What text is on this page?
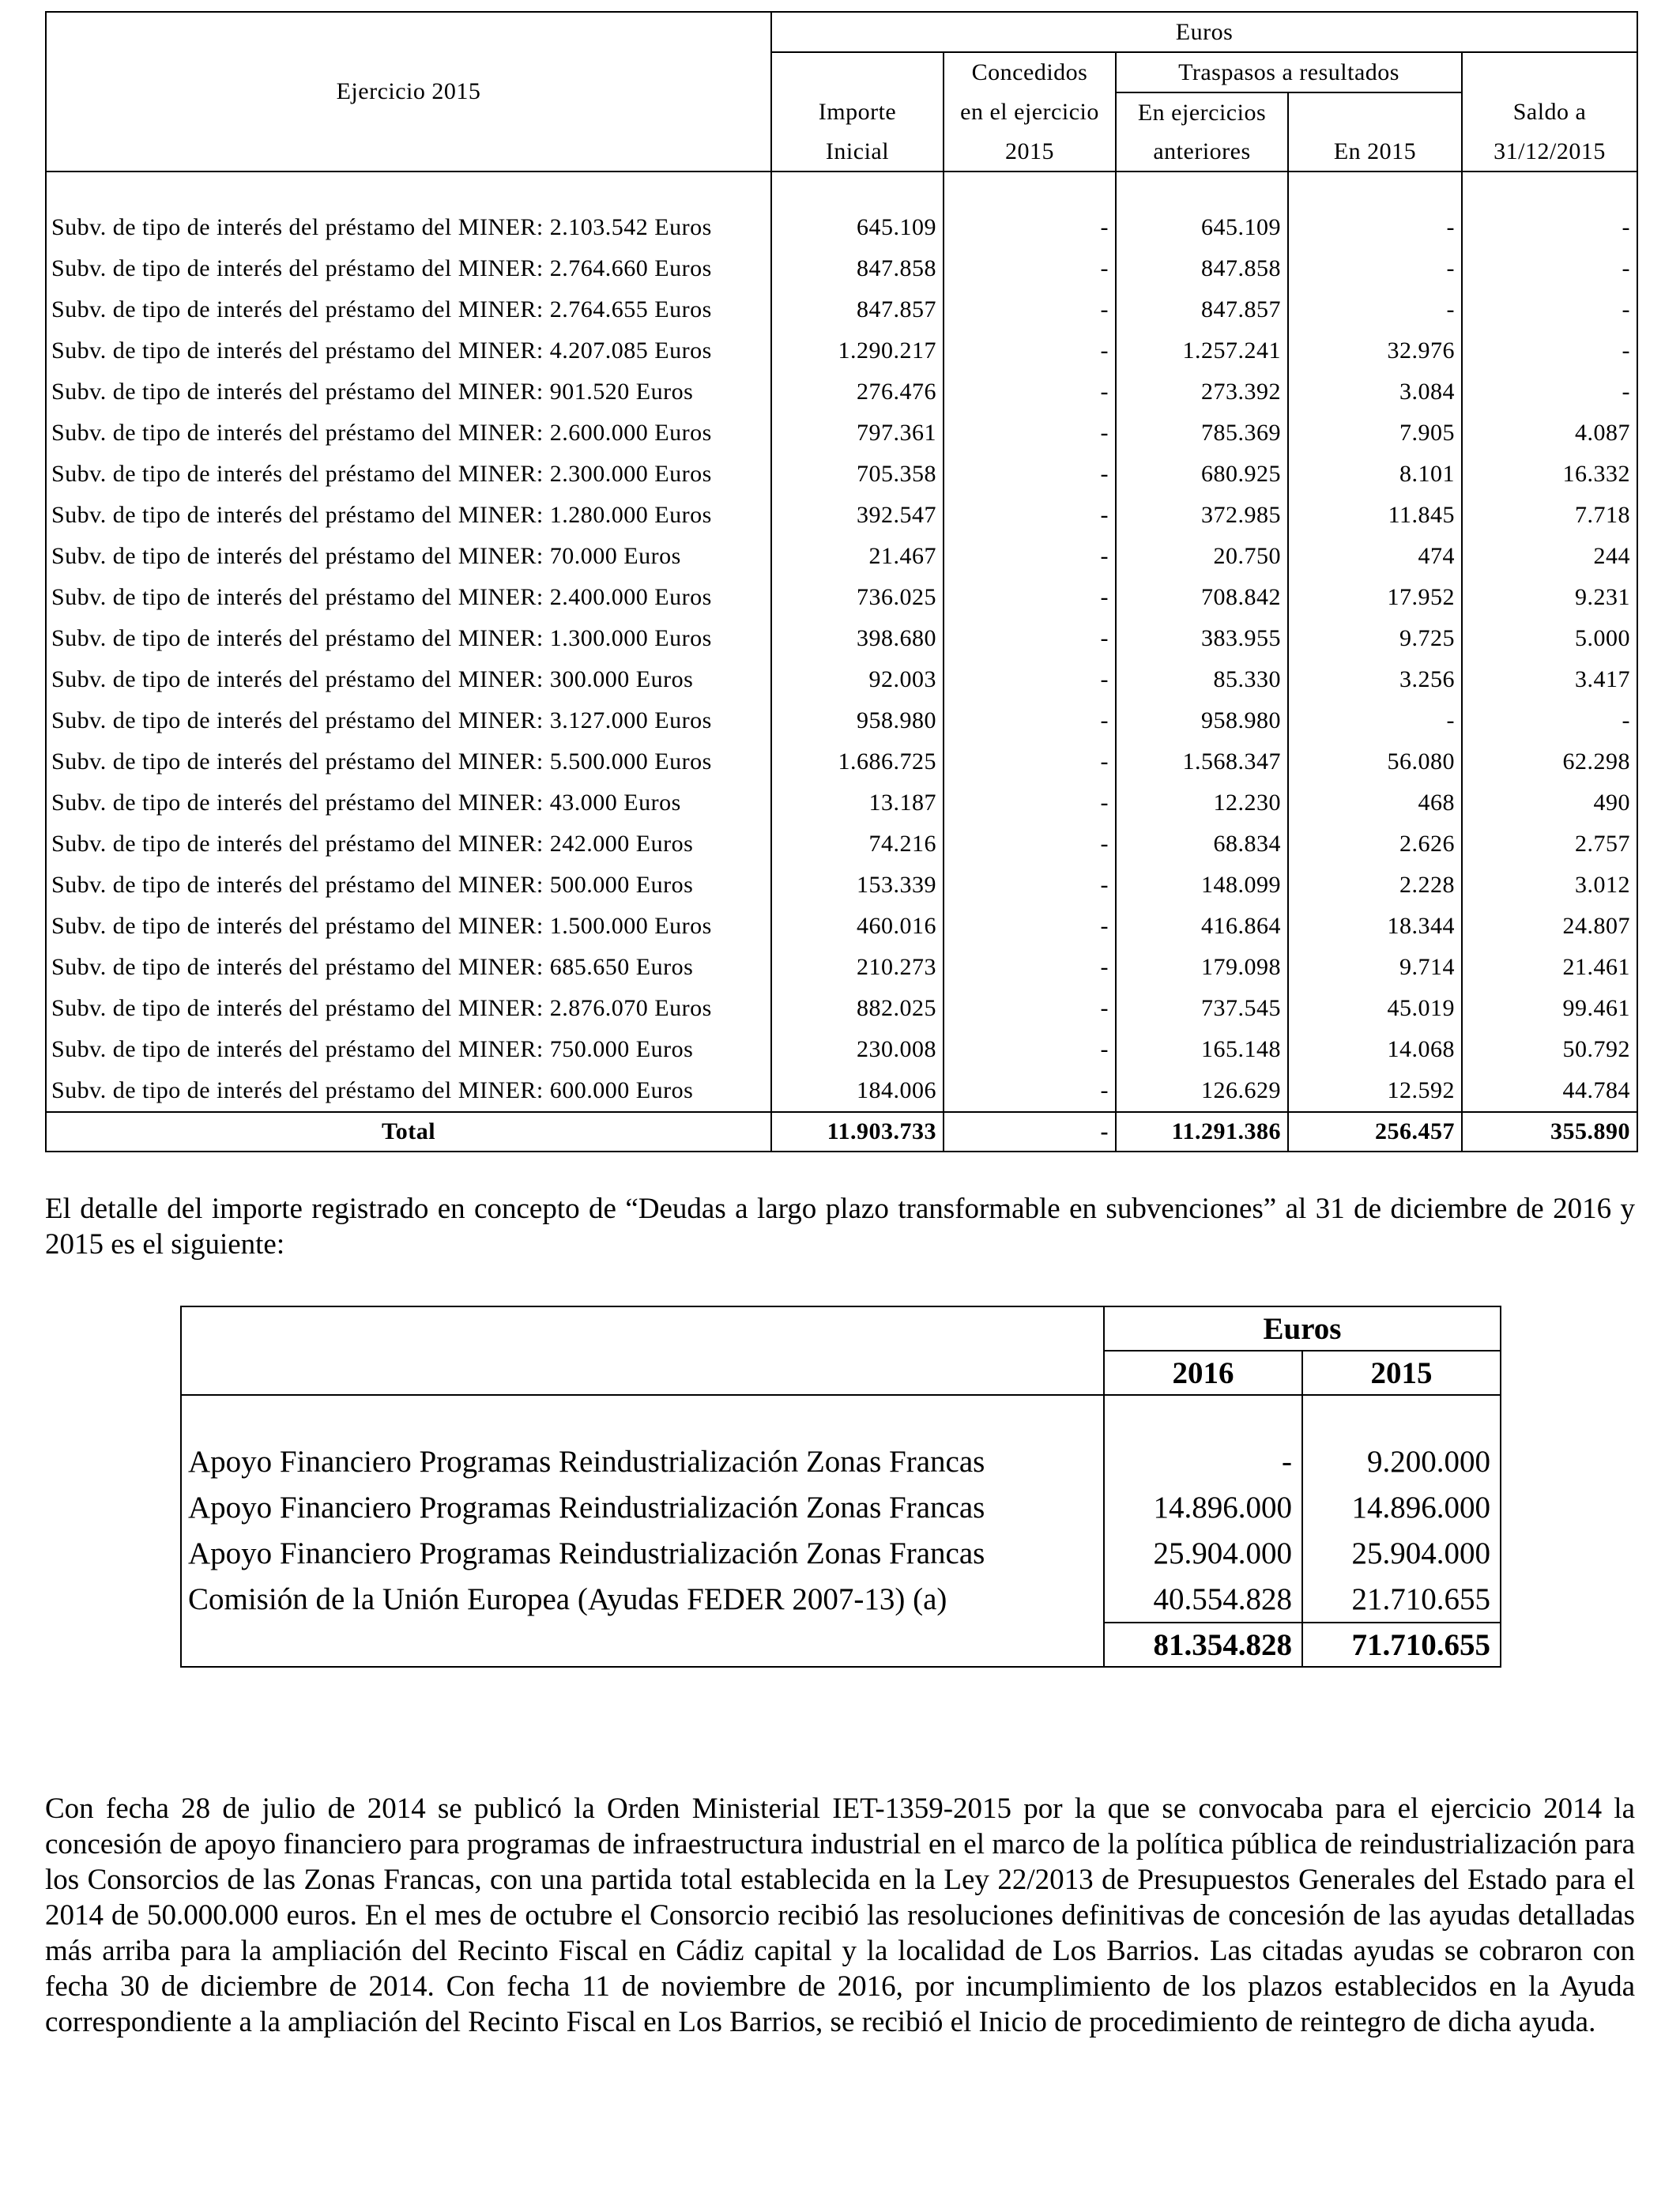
Ejercicio 2015	Euros				
		Concedidos	Traspasos a resultados		
	Importe	en el ejercicio	En ejercicios		Saldo a
	Inicial	2015	anteriores	En 2015	31/12/2015

Subv. de tipo de interés del préstamo del MINER: 2.103.542 Euros	645.109	-	645.109	-	-
Subv. de tipo de interés del préstamo del MINER: 2.764.660 Euros	847.858	-	847.858	-	-
Subv. de tipo de interés del préstamo del MINER: 2.764.655 Euros	847.857	-	847.857	-	-
Subv. de tipo de interés del préstamo del MINER: 4.207.085 Euros	1.290.217	-	1.257.241	32.976	-
Subv. de tipo de interés del préstamo del MINER: 901.520 Euros	276.476	-	273.392	3.084	-
Subv. de tipo de interés del préstamo del MINER: 2.600.000 Euros	797.361	-	785.369	7.905	4.087
Subv. de tipo de interés del préstamo del MINER: 2.300.000 Euros	705.358	-	680.925	8.101	16.332
Subv. de tipo de interés del préstamo del MINER: 1.280.000 Euros	392.547	-	372.985	11.845	7.718
Subv. de tipo de interés del préstamo del MINER: 70.000 Euros	21.467	-	20.750	474	244
Subv. de tipo de interés del préstamo del MINER: 2.400.000 Euros	736.025	-	708.842	17.952	9.231
Subv. de tipo de interés del préstamo del MINER: 1.300.000 Euros	398.680	-	383.955	9.725	5.000
Subv. de tipo de interés del préstamo del MINER: 300.000 Euros	92.003	-	85.330	3.256	3.417
Subv. de tipo de interés del préstamo del MINER: 3.127.000 Euros	958.980	-	958.980	-	-
Subv. de tipo de interés del préstamo del MINER: 5.500.000 Euros	1.686.725	-	1.568.347	56.080	62.298
Subv. de tipo de interés del préstamo del MINER: 43.000 Euros	13.187	-	12.230	468	490
Subv. de tipo de interés del préstamo del MINER: 242.000 Euros	74.216	-	68.834	2.626	2.757
Subv. de tipo de interés del préstamo del MINER: 500.000 Euros	153.339	-	148.099	2.228	3.012
Subv. de tipo de interés del préstamo del MINER: 1.500.000 Euros	460.016	-	416.864	18.344	24.807
Subv. de tipo de interés del préstamo del MINER: 685.650 Euros	210.273	-	179.098	9.714	21.461
Subv. de tipo de interés del préstamo del MINER: 2.876.070 Euros	882.025	-	737.545	45.019	99.461
Subv. de tipo de interés del préstamo del MINER: 750.000 Euros	230.008	-	165.148	14.068	50.792
Subv. de tipo de interés del préstamo del MINER: 600.000 Euros	184.006	-	126.629	12.592	44.784
Total	11.903.733	-	11.291.386	256.457	355.890

El detalle del importe registrado en concepto de “Deudas a largo plazo transformable en subvenciones” al 31 de diciembre de 2016 y 2015 es el siguiente:

	Euros	
	2016	2015

Apoyo Financiero Programas Reindustrialización Zonas Francas	-	9.200.000
Apoyo Financiero Programas Reindustrialización Zonas Francas	14.896.000	14.896.000
Apoyo Financiero Programas Reindustrialización Zonas Francas	25.904.000	25.904.000
Comisión de la Unión Europea (Ayudas FEDER 2007-13) (a)	40.554.828	21.710.655
	81.354.828	71.710.655

Con fecha 28 de julio de 2014 se publicó la Orden Ministerial IET-1359-2015 por la que se convocaba para el ejercicio 2014 la concesión de apoyo financiero para programas de infraestructura industrial en el marco de la política pública de reindustrialización para los Consorcios de las Zonas Francas, con una partida total establecida en la Ley 22/2013 de Presupuestos Generales del Estado para el 2014 de 50.000.000 euros. En el mes de octubre el Consorcio recibió las resoluciones definitivas de concesión de las ayudas detalladas más arriba para la ampliación del Recinto Fiscal en Cádiz capital y la localidad de Los Barrios. Las citadas ayudas se cobraron con fecha 30 de diciembre de 2014. Con fecha 11 de noviembre de 2016, por incumplimiento de los plazos establecidos en la Ayuda correspondiente a la ampliación del Recinto Fiscal en Los Barrios, se recibió el Inicio de procedimiento de reintegro de dicha ayuda.
